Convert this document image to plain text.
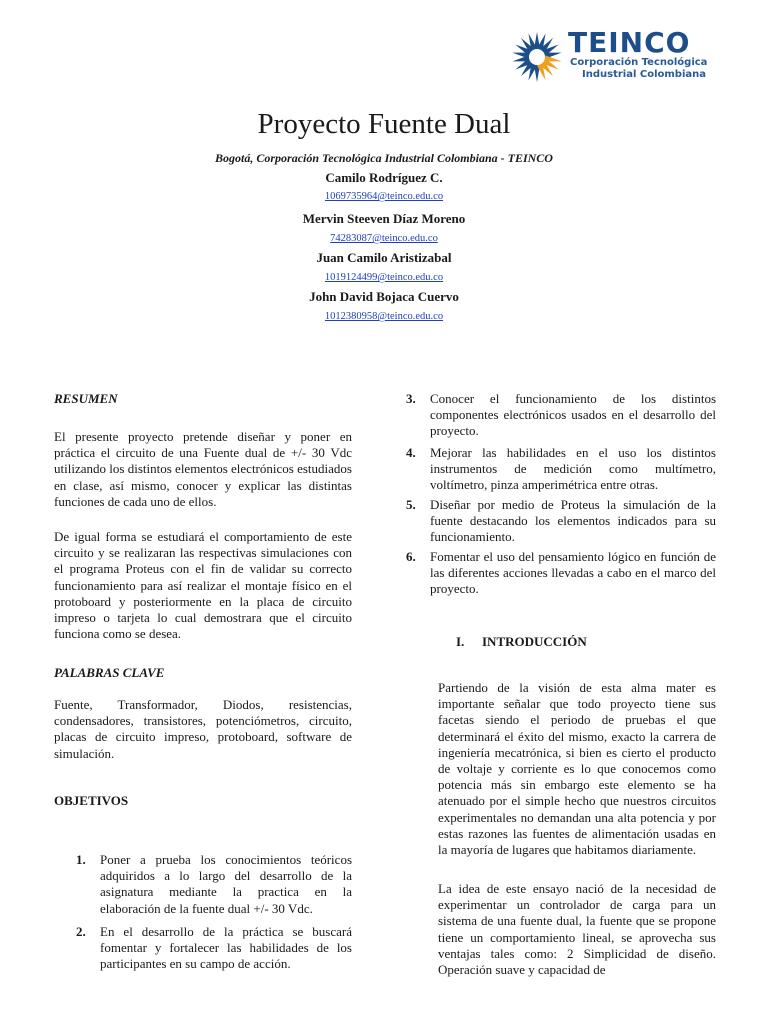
TEINCO
Corporación Tecnológica
Industrial Colombiana
Proyecto Fuente Dual
Bogotá, Corporación Tecnológica Industrial Colombiana - TEINCO
Camilo Rodríguez C.
1069735964@teinco.edu.co
Mervin Steeven Díaz Moreno
74283087@teinco.edu.co
Juan Camilo Aristizabal
1019124499@teinco.edu.co
John David Bojaca Cuervo
1012380958@teinco.edu.co
RESUMEN
El presente proyecto pretende diseñar y poner en práctica el circuito de una Fuente dual de +/- 30 Vdc utilizando los distintos elementos electrónicos estudiados en clase, así mismo, conocer y explicar las distintas funciones de cada uno de ellos.
De igual forma se estudiará el comportamiento de este circuito y se realizaran las respectivas simulaciones con el programa Proteus con el fin de validar su correcto funcionamiento para así realizar el montaje físico en el protoboard y posteriormente en la placa de circuito impreso o tarjeta lo cual demostrara que el circuito funciona como se desea.
PALABRAS CLAVE
Fuente, Transformador, Diodos, resistencias, condensadores, transistores, potenciómetros, circuito, placas de circuito impreso, protoboard, software de simulación.
OBJETIVOS
1. Poner a prueba los conocimientos teóricos adquiridos a lo largo del desarrollo de la asignatura mediante la practica en la elaboración de la fuente dual +/- 30 Vdc.
2. En el desarrollo de la práctica se buscará fomentar y fortalecer las habilidades de los participantes en su campo de acción.
3. Conocer el funcionamiento de los distintos componentes electrónicos usados en el desarrollo del proyecto.
4. Mejorar las habilidades en el uso los distintos instrumentos de medición como multímetro, voltímetro, pinza amperimétrica entre otras.
5. Diseñar por medio de Proteus la simulación de la fuente destacando los elementos indicados para su funcionamiento.
6. Fomentar el uso del pensamiento lógico en función de las diferentes acciones llevadas a cabo en el marco del proyecto.
I. INTRODUCCIÓN
Partiendo de la visión de esta alma mater es importante señalar que todo proyecto tiene sus facetas siendo el periodo de pruebas el que determinará el éxito del mismo, exacto la carrera de ingeniería mecatrónica, si bien es cierto el producto de voltaje y corriente es lo que conocemos como potencia más sin embargo este elemento se ha atenuado por el simple hecho que nuestros circuitos experimentales no demandan una alta potencia y por estas razones las fuentes de alimentación usadas en la mayoría de lugares que habitamos diariamente.
La idea de este ensayo nació de la necesidad de experimentar un controlador de carga para un sistema de una fuente dual, la fuente que se propone tiene un comportamiento lineal, se aprovecha sus ventajas tales como: 2 Simplicidad de diseño. Operación suave y capacidad de
